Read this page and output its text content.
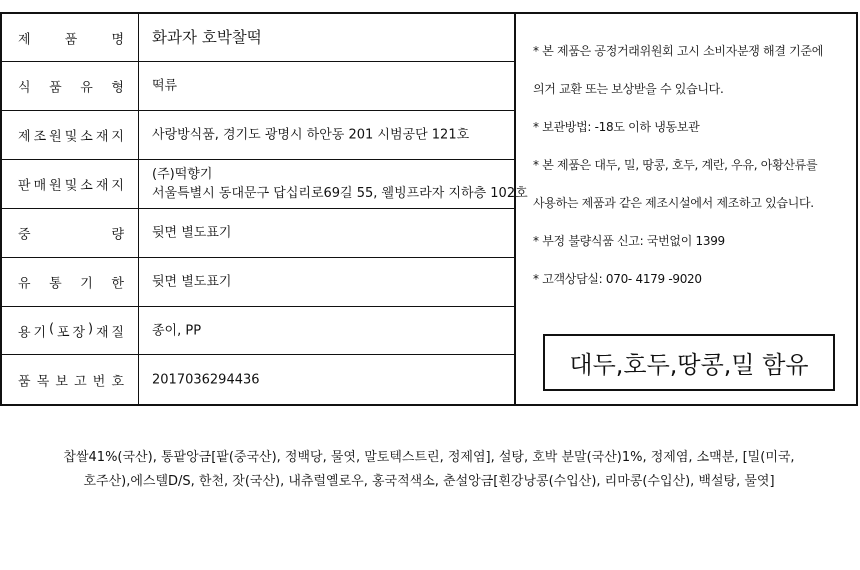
제	품	명 화과자 호박찰떡
식 품 유 형 떡류
제 조 원 및 소 재 지 사랑방식품, 경기도 광명시 하안동 201 시범공단 121호
판 매 원 및 소 재 지
(주)떡향기
서울특별시 동대문구 답십리로69길 55, 웰빙프라자 지하층 102호
중	량 뒷면 별도표기
유 통 기 한 뒷면 별도표기
용 기 ( 포 장 ) 재 질 종이, PP
품 목 보 고 번 호 2017036294436
* 본 제품은 공정거래위원회 고시 소비자분쟁 해결 기준에
의거 교환 또는 보상받을 수 있습니다.
* 보관방법: -18도 이하 냉동보관
* 본 제품은 대두, 밀, 땅콩, 호두, 계란, 우유, 아황산류를
사용하는 제품과 같은 제조시설에서 제조하고 있습니다.
* 부정 불량식품 신고: 국번없이 1399
* 고객상담실: 070- 4179 -9020
대두,호두,땅콩,밀 함유
찹쌀41%(국산), 통팥앙금[팥(중국산), 정백당, 물엿, 말토텍스트린, 정제염], 설탕, 호박 분말(국산)1%, 정제염, 소맥분, [밀(미국,
호주산),에스텔D/S, 한천, 잣(국산), 내츄럴옐로우, 홍국적색소, 춘설앙금[흰강낭콩(수입산), 리마콩(수입산), 백설탕, 물엿]
